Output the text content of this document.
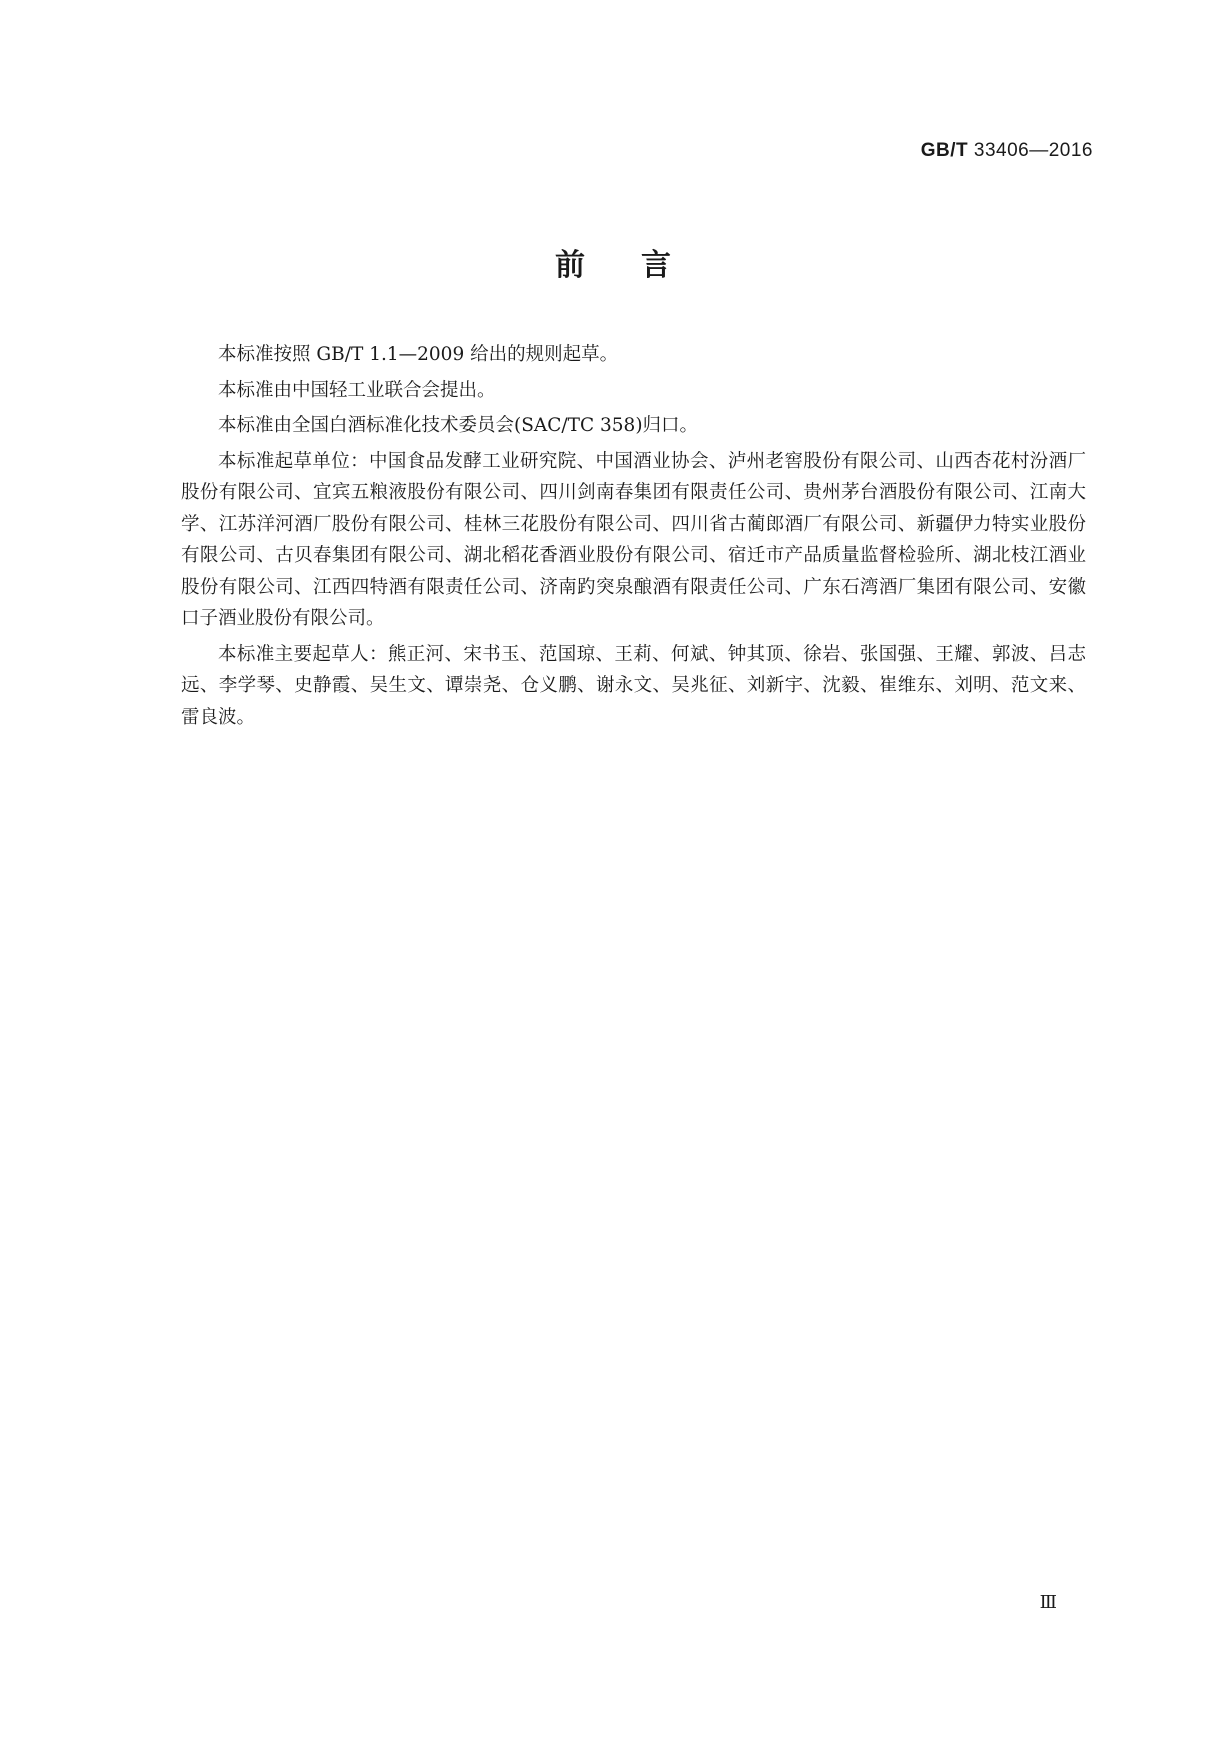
GB/T 33406—2016
前言

本标准按照 GB/T 1.1—2009 给出的规则起草。

本标准由中国轻工业联合会提出。

本标准由全国白酒标准化技术委员会(SAC/TC 358)归口。

本标准起草单位：中国食品发酵工业研究院、中国酒业协会、泸州老窖股份有限公司、山西杏花村汾酒厂股份有限公司、宜宾五粮液股份有限公司、四川剑南春集团有限责任公司、贵州茅台酒股份有限公司、江南大学、江苏洋河酒厂股份有限公司、桂林三花股份有限公司、四川省古蔺郎酒厂有限公司、新疆伊力特实业股份有限公司、古贝春集团有限公司、湖北稻花香酒业股份有限公司、宿迁市产品质量监督检验所、湖北枝江酒业股份有限公司、江西四特酒有限责任公司、济南趵突泉酿酒有限责任公司、广东石湾酒厂集团有限公司、安徽口子酒业股份有限公司。

本标准主要起草人：熊正河、宋书玉、范国琼、王莉、何斌、钟其顶、徐岩、张国强、王耀、郭波、吕志远、李学琴、史静霞、吴生文、谭崇尧、仓义鹏、谢永文、吴兆征、刘新宇、沈毅、崔维东、刘明、范文来、雷良波。

Ⅲ
